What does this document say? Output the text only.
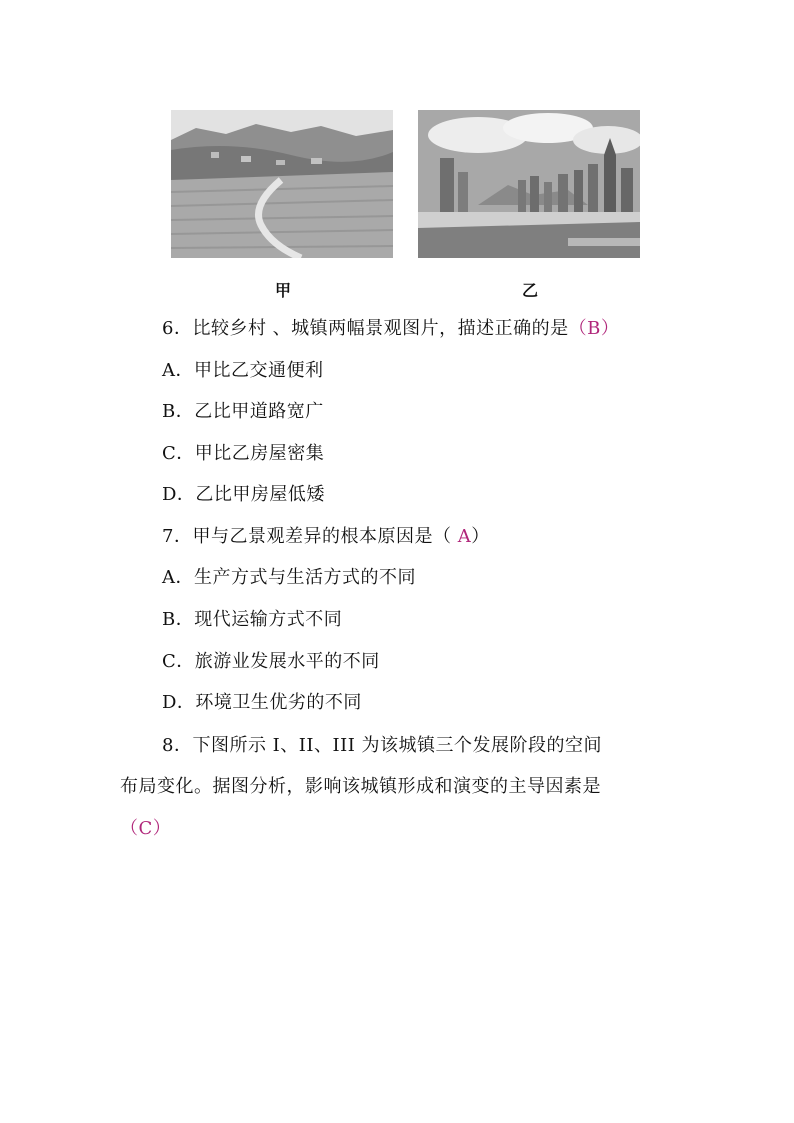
甲	乙
6．比较乡村 、城镇两幅景观图片，描述正确的是（B）
A．甲比乙交通便利
B．乙比甲道路宽广
C．甲比乙房屋密集
D．乙比甲房屋低矮
7．甲与乙景观差异的根本原因是（ A）
A．生产方式与生活方式的不同
B．现代运输方式不同
C．旅游业发展水平的不同
D．环境卫生优劣的不同
8．下图所示 I、II、III 为该城镇三个发展阶段的空间
布局变化。据图分析，影响该城镇形成和演变的主导因素是
（C）
